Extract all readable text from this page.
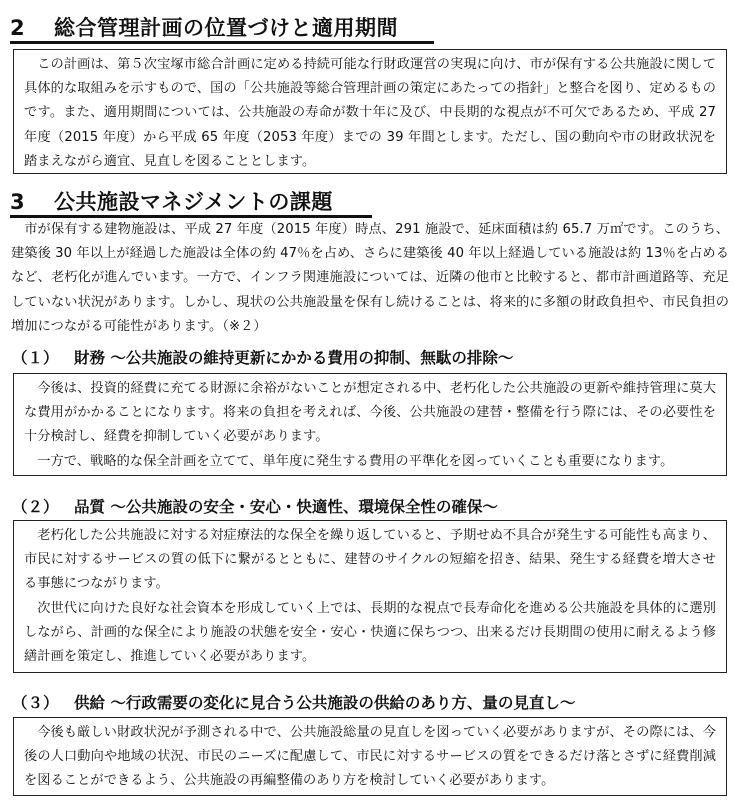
2 総合管理計画の位置づけと適用期間

この計画は、第５次宝塚市総合計画に定める持続可能な行財政運営の実現に向け、市が保有する公共施設に関して具体的な取組みを示すもので、国の「公共施設等総合管理計画の策定にあたっての指針」と整合を図り、定めるものです。また、適用期間については、公共施設の寿命が数十年に及び、中長期的な視点が不可欠であるため、平成 27 年度（2015 年度）から平成 65 年度（2053 年度）までの 39 年間とします。ただし、国の動向や市の財政状況を踏まえながら適宜、見直しを図ることとします。

3 公共施設マネジメントの課題

市が保有する建物施設は、平成 27 年度（2015 年度）時点、291 施設で、延床面積は約 65.7 万㎡です。このうち、建築後 30 年以上が経過した施設は全体の約 47％を占め、さらに建築後 40 年以上経過している施設は約 13％を占めるなど、老朽化が進んでいます。一方で、インフラ関連施設については、近隣の他市と比較すると、都市計画道路等、充足していない状況があります。しかし、現状の公共施設量を保有し続けることは、将来的に多額の財政負担や、市民負担の増加につながる可能性があります。（※２）

（１） 財務 ～公共施設の維持更新にかかる費用の抑制、無駄の排除～

今後は、投資的経費に充てる財源に余裕がないことが想定される中、老朽化した公共施設の更新や維持管理に莫大な費用がかかることになります。将来の負担を考えれば、今後、公共施設の建替・整備を行う際には、その必要性を十分検討し、経費を抑制していく必要があります。

一方で、戦略的な保全計画を立てて、単年度に発生する費用の平準化を図っていくことも重要になります。

（２） 品質 ～公共施設の安全・安心・快適性、環境保全性の確保～

老朽化した公共施設に対する対症療法的な保全を繰り返していると、予期せぬ不具合が発生する可能性も高まり、市民に対するサービスの質の低下に繋がるとともに、建替のサイクルの短縮を招き、結果、発生する経費を増大させる事態につながります。

次世代に向けた良好な社会資本を形成していく上では、長期的な視点で長寿命化を進める公共施設を具体的に選別しながら、計画的な保全により施設の状態を安全・安心・快適に保ちつつ、出来るだけ長期間の使用に耐えるよう修繕計画を策定し、推進していく必要があります。

（３） 供給 ～行政需要の変化に見合う公共施設の供給のあり方、量の見直し～

今後も厳しい財政状況が予測される中で、公共施設総量の見直しを図っていく必要がありますが、その際には、今後の人口動向や地域の状況、市民のニーズに配慮して、市民に対するサービスの質をできるだけ落とさずに経費削減を図ることができるよう、公共施設の再編整備のあり方を検討していく必要があります。
